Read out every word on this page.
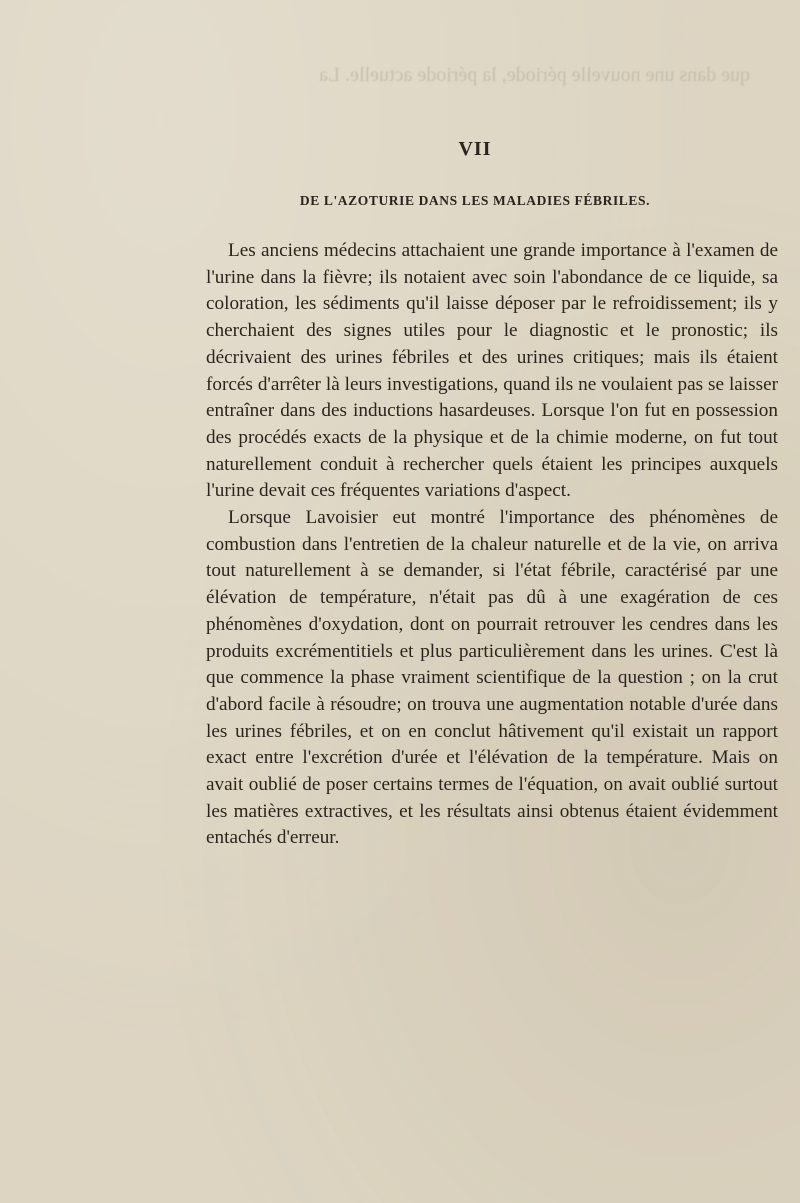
que dans une nouvelle période, la période actuelle. La
VII
DE L'AZOTURIE DANS LES MALADIES FÉBRILES.

Les anciens médecins attachaient une grande importance à l'examen de l'urine dans la fièvre; ils notaient avec soin l'abondance de ce liquide, sa coloration, les sédiments qu'il laisse déposer par le refroidissement; ils y cherchaient des signes utiles pour le diagnostic et le pronostic; ils décrivaient des urines fébriles et des urines critiques; mais ils étaient forcés d'arrêter là leurs investigations, quand ils ne voulaient pas se laisser entraîner dans des inductions hasardeuses. Lorsque l'on fut en possession des procédés exacts de la physique et de la chimie moderne, on fut tout naturellement conduit à rechercher quels étaient les principes auxquels l'urine devait ces fréquentes variations d'aspect.

Lorsque Lavoisier eut montré l'importance des phénomènes de combustion dans l'entretien de la chaleur naturelle et de la vie, on arriva tout naturellement à se demander, si l'état fébrile, caractérisé par une élévation de température, n'était pas dû à une exagération de ces phénomènes d'oxydation, dont on pourrait retrouver les cendres dans les produits excrémentitiels et plus particulièrement dans les urines. C'est là que commence la phase vraiment scientifique de la question ; on la crut d'abord facile à résoudre; on trouva une augmentation notable d'urée dans les urines fébriles, et on en conclut hâtivement qu'il existait un rapport exact entre l'excrétion d'urée et l'élévation de la température. Mais on avait oublié de poser certains termes de l'équation, on avait oublié surtout les matières extractives, et les résultats ainsi obtenus étaient évidemment entachés d'erreur.
